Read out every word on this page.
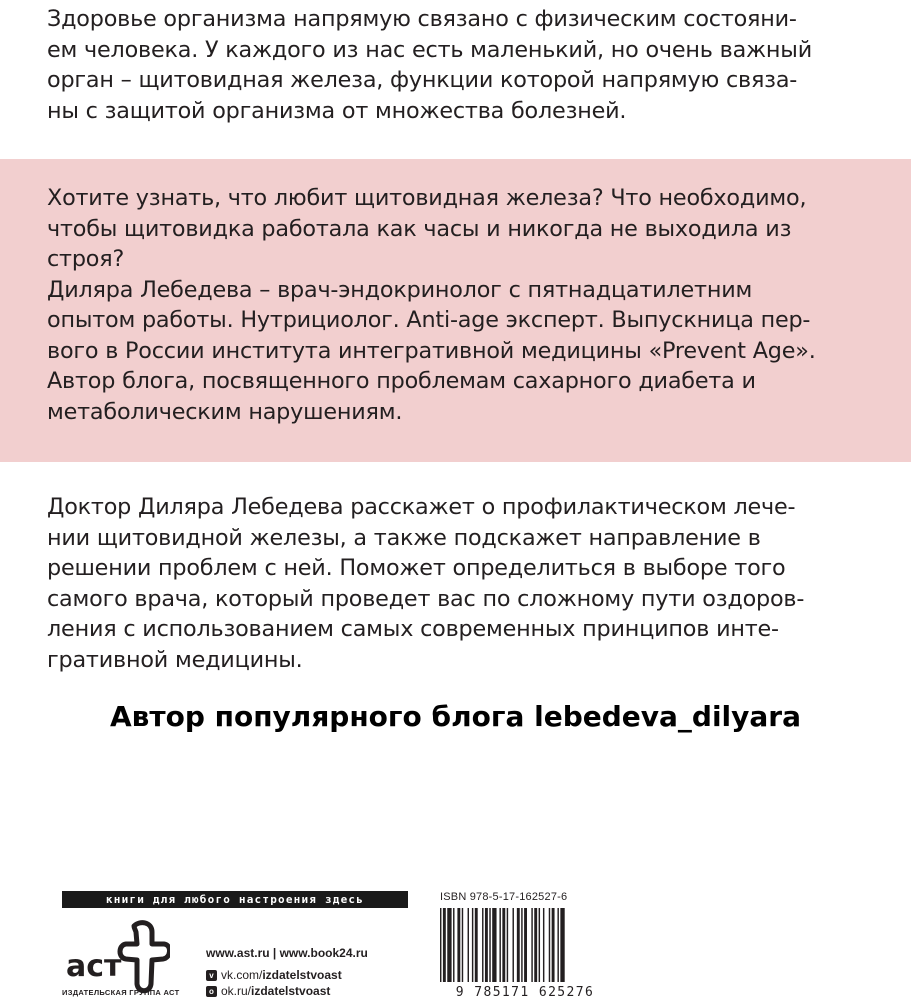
Здоровье организма напрямую связано с физическим состояни-

ем человека. У каждого из нас есть маленький, но очень важный

орган – щитовидная железа, функции которой напрямую связа-

ны с защитой организма от множества болезней.

Хотите узнать, что любит щитовидная железа? Что необходимо,

чтобы щитовидка работала как часы и никогда не выходила из

строя?

Диляра Лебедева – врач-эндокринолог с пятнадцатилетним

опытом работы. Нутрициолог. Anti-age эксперт. Выпускница пер-

вого в России института интегративной медицины «Prevent Age».

Автор блога, посвященного проблемам сахарного диабета и

метаболическим нарушениям.

Доктор Диляра Лебедева расскажет о профилактическом лече-

нии щитовидной железы, а также подскажет направление в

решении проблем с ней. Поможет определиться в выборе того

самого врача, который проведет вас по сложному пути оздоров-

ления с использованием самых современных принципов инте-

гративной медицины.

Автор популярного блога lebedeva_dilyara
книги для любого настроения здесь
аст
ИЗДАТЕЛЬСКАЯ ГРУППА АСТ
www.ast.ru | www.book24.ru
v vk.com/ izdatelstvoast
o ok.ru/ izdatelstvoast
ISBN 978-5-17-162527-6
9 785171 625276
